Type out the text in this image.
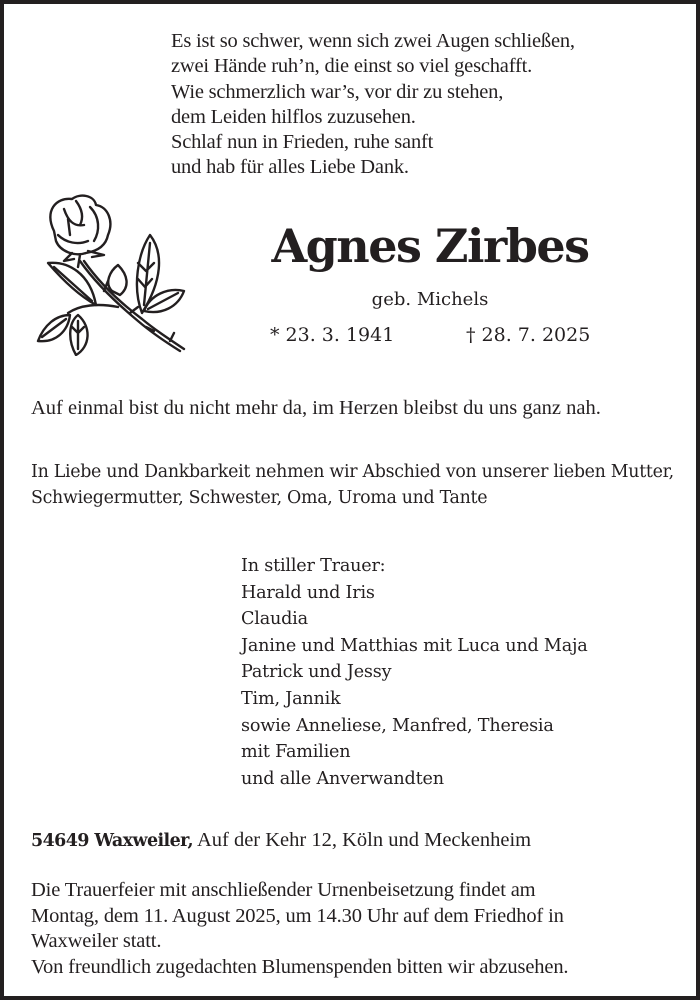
Es ist so schwer, wenn sich zwei Augen schließen,
zwei Hände ruh’n, die einst so viel geschafft.
Wie schmerzlich war’s, vor dir zu stehen,
dem Leiden hilflos zuzusehen.
Schlaf nun in Frieden, ruhe sanft
und hab für alles Liebe Dank.
Agnes Zirbes
geb. Michels
* 23. 3. 1941	† 28. 7. 2025
Auf einmal bist du nicht mehr da, im Herzen bleibst du uns ganz nah.
In Liebe und Dankbarkeit nehmen wir Abschied von unserer lieben Mutter, Schwiegermutter, Schwester, Oma, Uroma und Tante
In stiller Trauer:
Harald und Iris
Claudia
Janine und Matthias mit Luca und Maja
Patrick und Jessy
Tim, Jannik
sowie Anneliese, Manfred, Theresia
mit Familien
und alle Anverwandten
54649 Waxweiler, Auf der Kehr 12, Köln und Meckenheim
Die Trauerfeier mit anschließender Urnenbeisetzung findet am
Montag, dem 11. August 2025, um 14.30 Uhr auf dem Friedhof in
Waxweiler statt.
Von freundlich zugedachten Blumenspenden bitten wir abzusehen.
